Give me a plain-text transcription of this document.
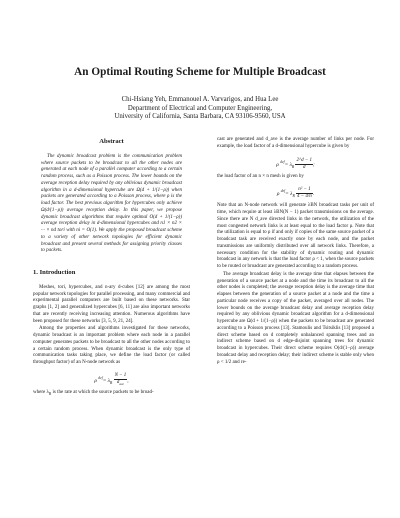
An Optimal Routing Scheme for Multiple Broadcast
Chi-Hsiang Yeh, Emmanouel A. Varvarigos, and Hua Lee
Department of Electrical and Computer Engineering,
University of California, Santa Barbara, CA 93106-9560, USA
Abstract

The dynamic broadcast problem is the communication problem where source packets to be broadcast to all the other nodes are generated at each node of a parallel computer according to a certain random process, such as a Poisson process. The lower bounds on the average reception delay required by any oblivious dynamic broadcast algorithm in a d-dimensional hypercube are Ω(d + 1/(1−ρ)) when packets are generated according to a Poisson process, where ρ is the load factor. The best previous algorithm for hypercubes only achieve Ω(d/(1−ρ)) average reception delay. In this paper, we propose dynamic broadcast algorithms that require optimal O(d + 1/(1−ρ)) average reception delay in d-dimensional hypercubes and n1 × n2 × ··· × nd tori with ni = O(1). We apply the proposed broadcast scheme to a variety of other network topologies for efficient dynamic broadcast and present several methods for assigning priority classes to packets.

1. Introduction

Meshes, tori, hypercubes, and n-ary d-cubes [12] are among the most popular network topologies for parallel processing, and many commercial and experimental parallel computers are built based on these networks. Star graphs [1, 2] and generalized hypercubes [6, 11] are also important networks that are recently receiving increasing attention. Numerous algorithms have been proposed for these networks [3, 5, 9, 21, 24].

Among the properties and algorithms investigated for these networks, dynamic broadcast is an important problem where each node in a parallel computer generates packets to be broadcast to all the other nodes according to a certain random process. When dynamic broadcast is the only type of communication tasks taking place, we define the load factor (or called throughput factor) of an N-node network as

ρ $^{def}= \lambda_B \frac{N - 1}{d_{ave}}$ ,

where $\lambda_B$ is the rate at which the source packets to be broad-

cast are generated and d_ave is the average number of links per node. For example, the load factor of a d-dimensional hypercube is given by

ρ $^{def}= \lambda_B \frac{2\^{}d - 1}{d}$ ;

the load factor of an n × n mesh is given by

ρ $^{def}= \lambda_B \frac{\text{n² − 1}}{4 - 4/n}$ .

Note that an N-node network will generate λBN broadcast tasks per unit of time, which require at least λBN(N − 1) packet transmissions on the average. Since there are N d_ave directed links in the network, the utilization of the most congested network links is at least equal to the load factor ρ. Note that the utilization is equal to ρ if and only if copies of the same source packet of a broadcast task are received exactly once by each node, and the packet transmissions are uniformly distributed over all network links. Therefore, a necessary condition for the stability of dynamic routing and dynamic broadcast in any network is that the load factor ρ < 1, when the source packets to be routed or broadcast are generated according to a random process.

The average broadcast delay is the average time that elapses between the generation of a source packet at a node and the time its broadcast to all the other nodes is completed; the average reception delay is the average time that elapses between the generation of a source packet at a node and the time a particular node receives a copy of the packet, averaged over all nodes. The lower bounds on the average broadcast delay and average reception delay required by any oblivious dynamic broadcast algorithm for a d-dimensional hypercube are Ω(d + 1/(1−ρ)) when the packets to be broadcast are generated according to a Poisson process [13]. Stamoulis and Tsitsiklis [13] proposed a direct scheme based on d completely unbalanced spanning trees and an indirect scheme based on d edge-disjoint spanning trees for dynamic broadcast in hypercubes. Their direct scheme requires O(d/(1−ρ)) average broadcast delay and reception delay; their indirect scheme is stable only when ρ < 1/2 and re-
